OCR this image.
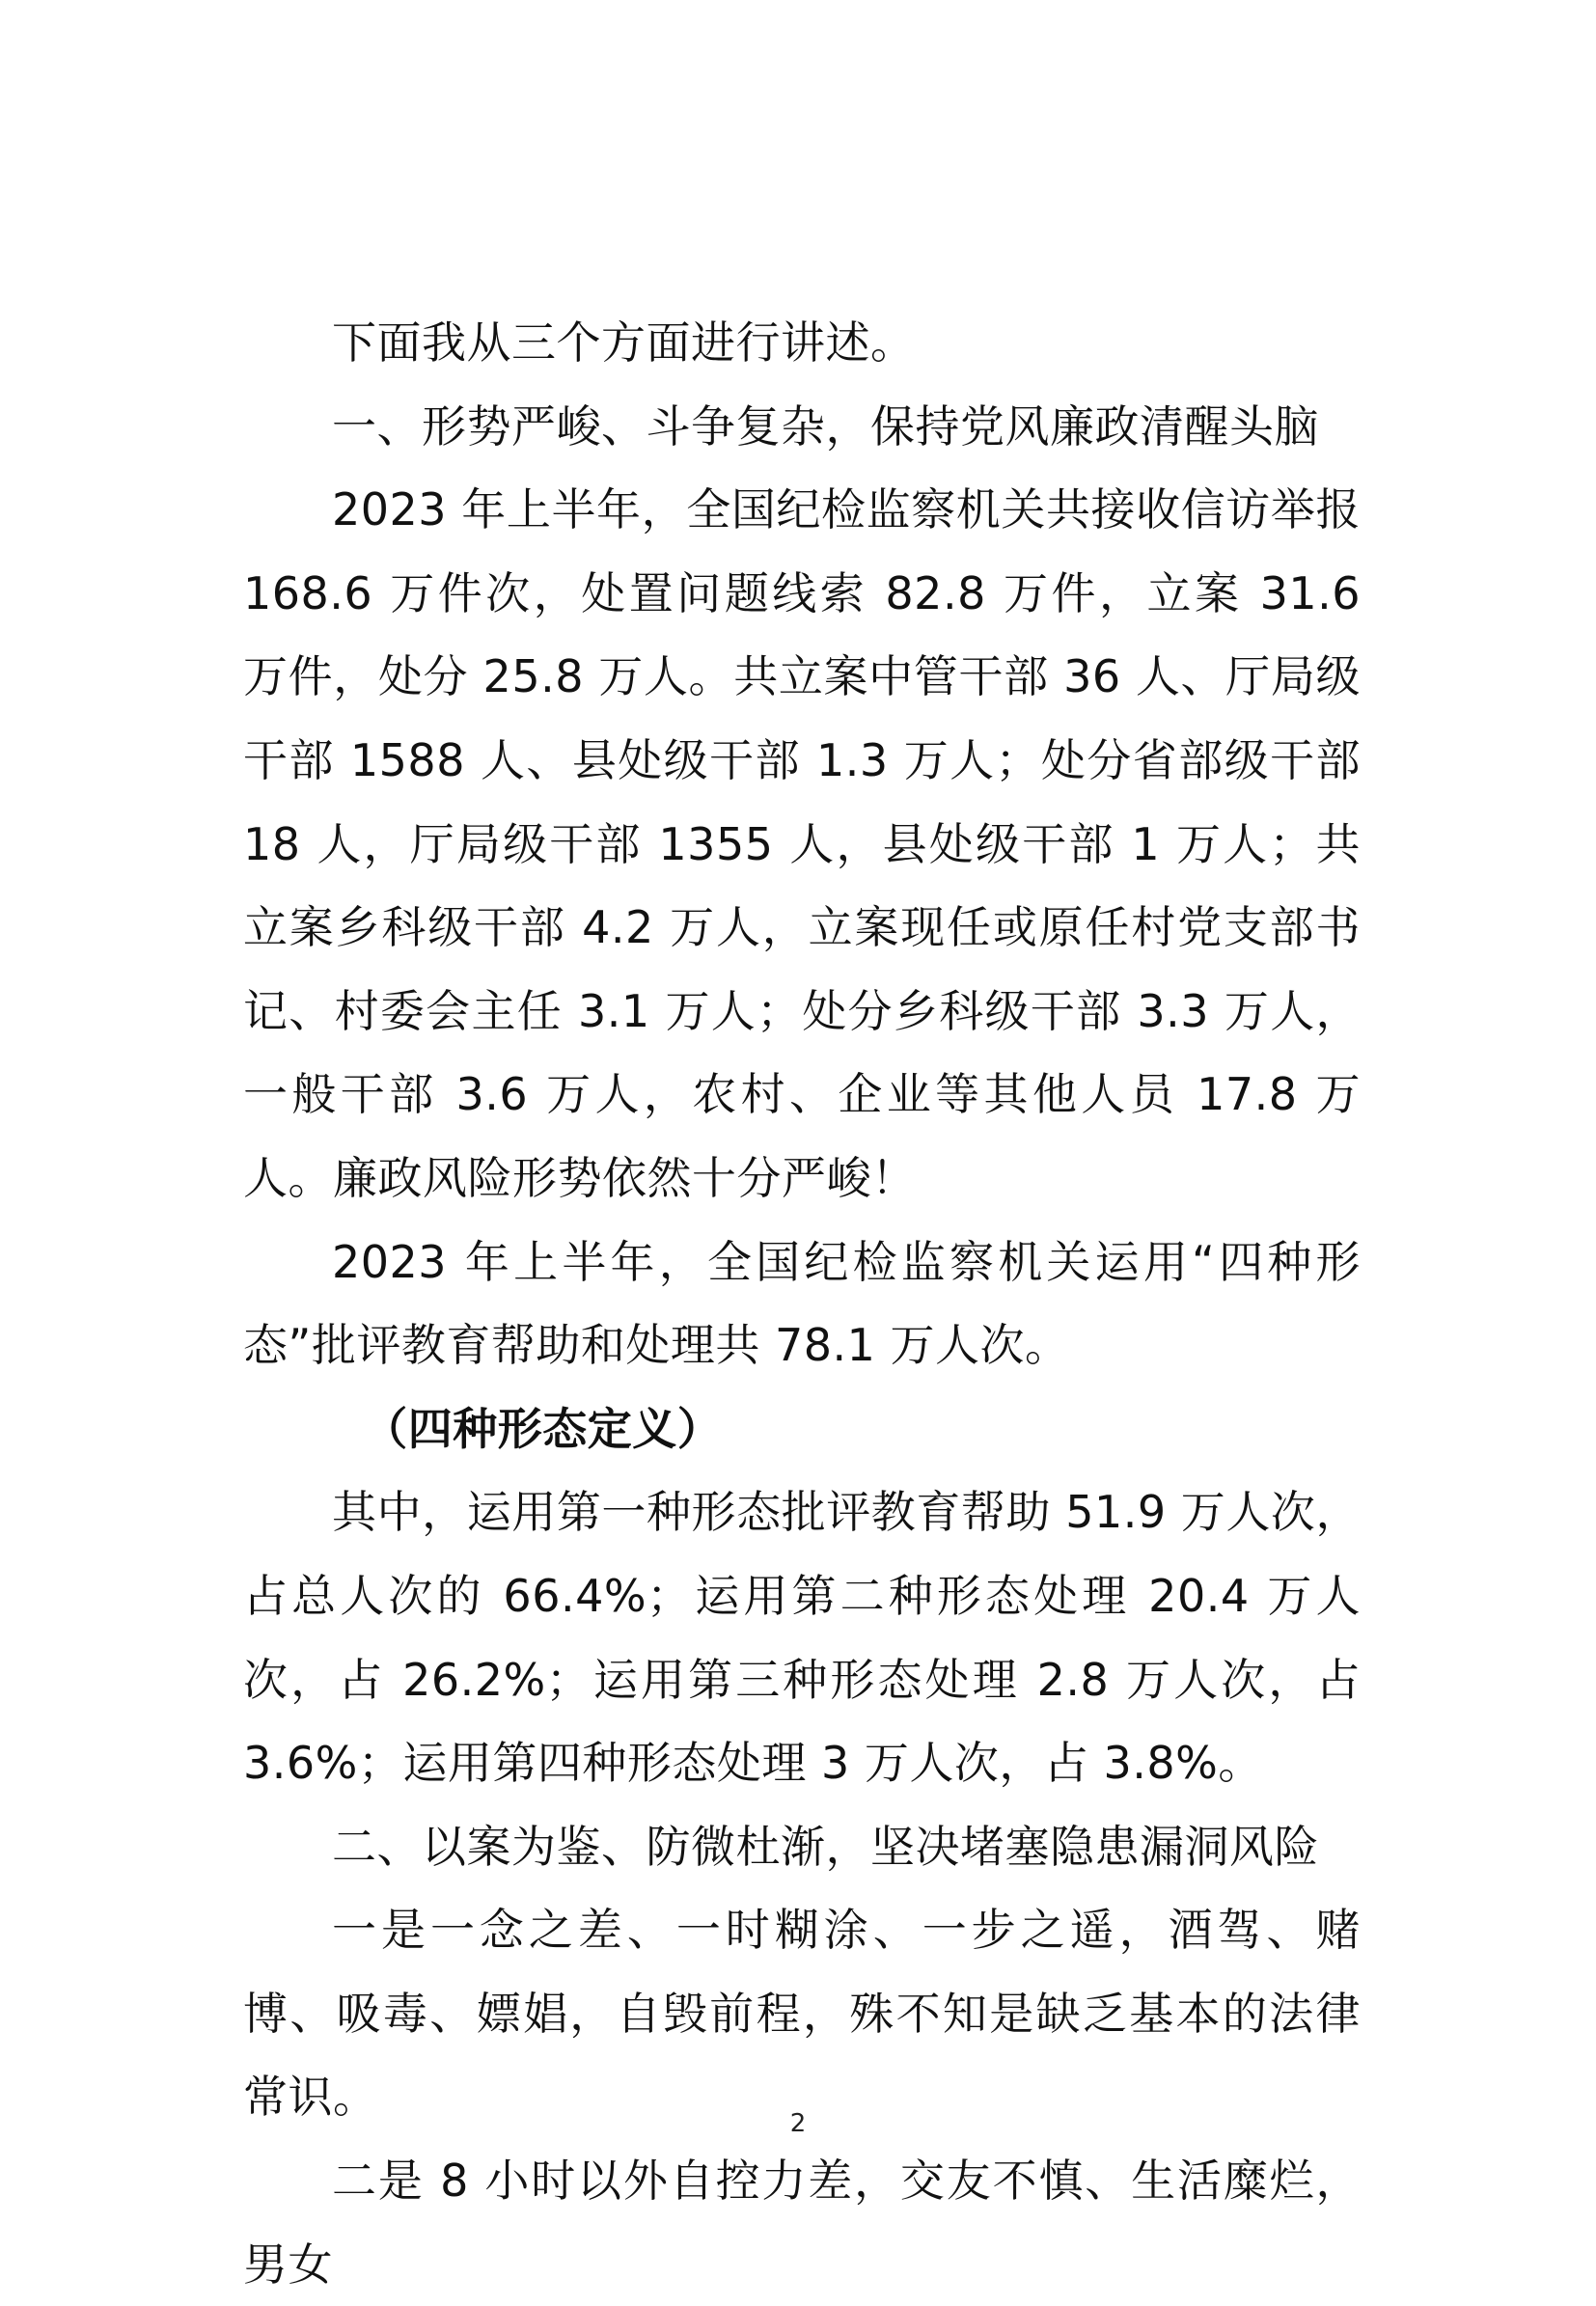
下面我从三个方面进行讲述。

一、形势严峻、斗争复杂，保持党风廉政清醒头脑

2023 年上半年，全国纪检监察机关共接收信访举报 168.6 万件次，处置问题线索 82.8 万件，立案 31.6 万件，处分 25.8 万人。共立案中管干部 36 人、厅局级干部 1588 人、县处级干部 1.3 万人；处分省部级干部 18 人，厅局级干部 1355 人，县处级干部 1 万人；共立案乡科级干部 4.2 万人，立案现任或原任村党支部书记、村委会主任 3.1 万人；处分乡科级干部 3.3 万人，一般干部 3.6 万人，农村、企业等其他人员 17.8 万人。廉政风险形势依然十分严峻！

2023 年上半年，全国纪检监察机关运用“四种形态”批评教育帮助和处理共 78.1 万人次。

（四种形态定义）

其中，运用第一种形态批评教育帮助 51.9 万人次，占总人次的 66.4%；运用第二种形态处理 20.4 万人次，占 26.2%；运用第三种形态处理 2.8 万人次，占 3.6%；运用第四种形态处理 3 万人次，占 3.8%。

二、以案为鉴、防微杜渐，坚决堵塞隐患漏洞风险

一是一念之差、一时糊涂、一步之遥，酒驾、赌博、吸毒、嫖娼，自毁前程，殊不知是缺乏基本的法律常识。

二是 8 小时以外自控力差，交友不慎、生活糜烂，男女

2
